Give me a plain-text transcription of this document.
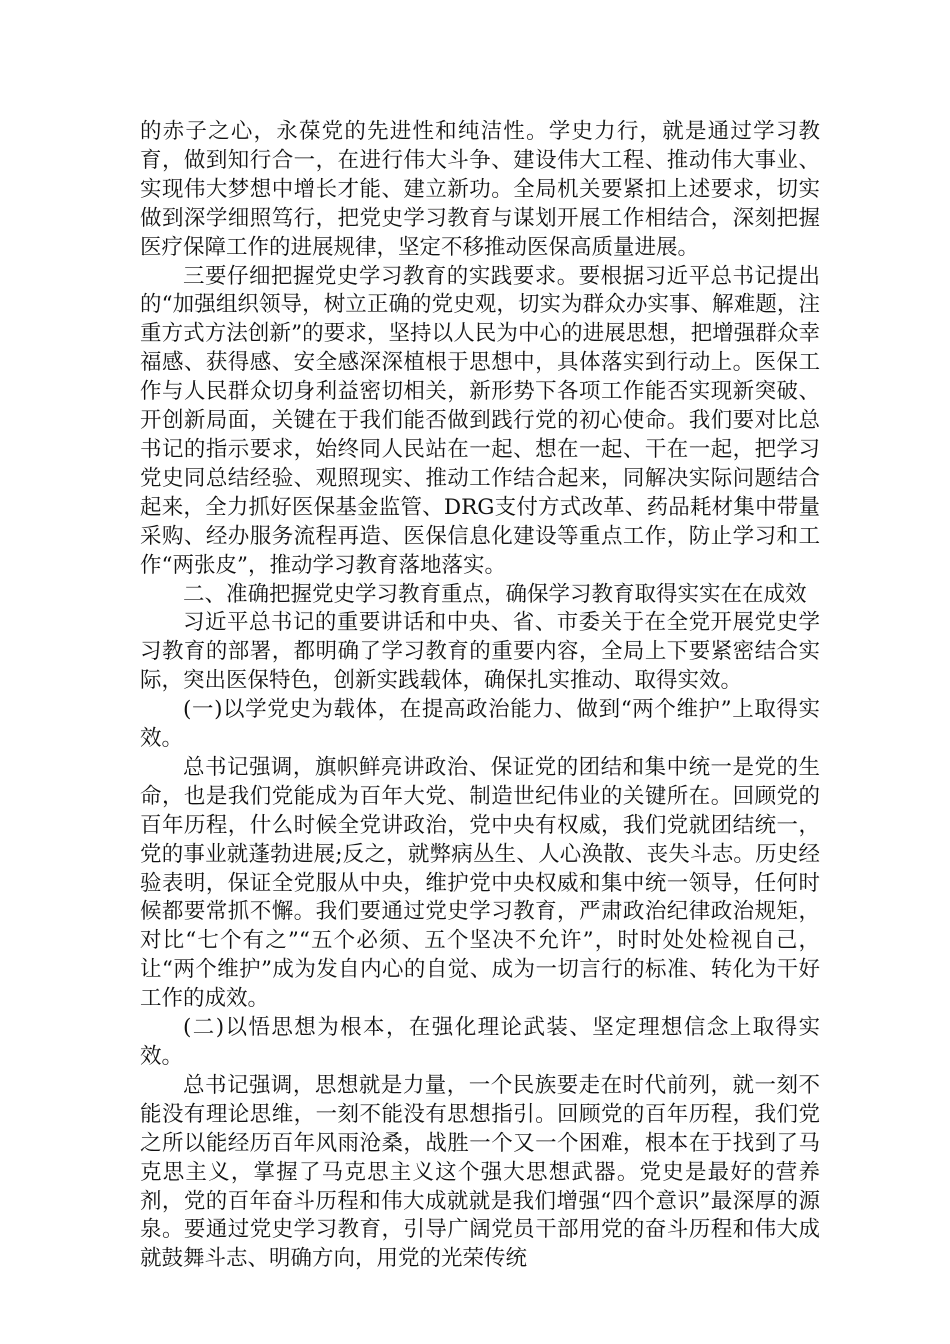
的赤子之心，永葆党的先进性和纯洁性。学史力行，就是通过学习教育，做到知行合一，在进行伟大斗争、建设伟大工程、推动伟大事业、实现伟大梦想中增长才能、建立新功。全局机关要紧扣上述要求，切实做到深学细照笃行，把党史学习教育与谋划开展工作相结合，深刻把握医疗保障工作的进展规律，坚定不移推动医保高质量进展。

三要仔细把握党史学习教育的实践要求。要根据习近平总书记提出的“加强组织领导，树立正确的党史观，切实为群众办实事、解难题，注重方式方法创新”的要求，坚持以人民为中心的进展思想，把增强群众幸福感、获得感、安全感深深植根于思想中，具体落实到行动上。医保工作与人民群众切身利益密切相关，新形势下各项工作能否实现新突破、开创新局面，关键在于我们能否做到践行党的初心使命。我们要对比总书记的指示要求，始终同人民站在一起、想在一起、干在一起，把学习党史同总结经验、观照现实、推动工作结合起来，同解决实际问题结合起来，全力抓好医保基金监管、DRG支付方式改革、药品耗材集中带量采购、经办服务流程再造、医保信息化建设等重点工作，防止学习和工作“两张皮”，推动学习教育落地落实。

二、准确把握党史学习教育重点，确保学习教育取得实实在在成效

习近平总书记的重要讲话和中央、省、市委关于在全党开展党史学习教育的部署，都明确了学习教育的重要内容，全局上下要紧密结合实际，突出医保特色，创新实践载体，确保扎实推动、取得实效。

(一)以学党史为载体，在提高政治能力、做到“两个维护”上取得实效。

总书记强调，旗帜鲜亮讲政治、保证党的团结和集中统一是党的生命，也是我们党能成为百年大党、制造世纪伟业的关键所在。回顾党的百年历程，什么时候全党讲政治，党中央有权威，我们党就团结统一，党的事业就蓬勃进展;反之，就弊病丛生、人心涣散、丧失斗志。历史经验表明，保证全党服从中央，维护党中央权威和集中统一领导，任何时候都要常抓不懈。我们要通过党史学习教育，严肃政治纪律政治规矩，对比“七个有之”“五个必须、五个坚决不允许”，时时处处检视自己，让“两个维护”成为发自内心的自觉、成为一切言行的标准、转化为干好工作的成效。

(二)以悟思想为根本，在强化理论武装、坚定理想信念上取得实效。

总书记强调，思想就是力量，一个民族要走在时代前列，就一刻不能没有理论思维，一刻不能没有思想指引。回顾党的百年历程，我们党之所以能经历百年风雨沧桑，战胜一个又一个困难，根本在于找到了马克思主义，掌握了马克思主义这个强大思想武器。党史是最好的营养剂，党的百年奋斗历程和伟大成就就是我们增强“四个意识”最深厚的源泉。要通过党史学习教育，引导广阔党员干部用党的奋斗历程和伟大成就鼓舞斗志、明确方向，用党的光荣传统
